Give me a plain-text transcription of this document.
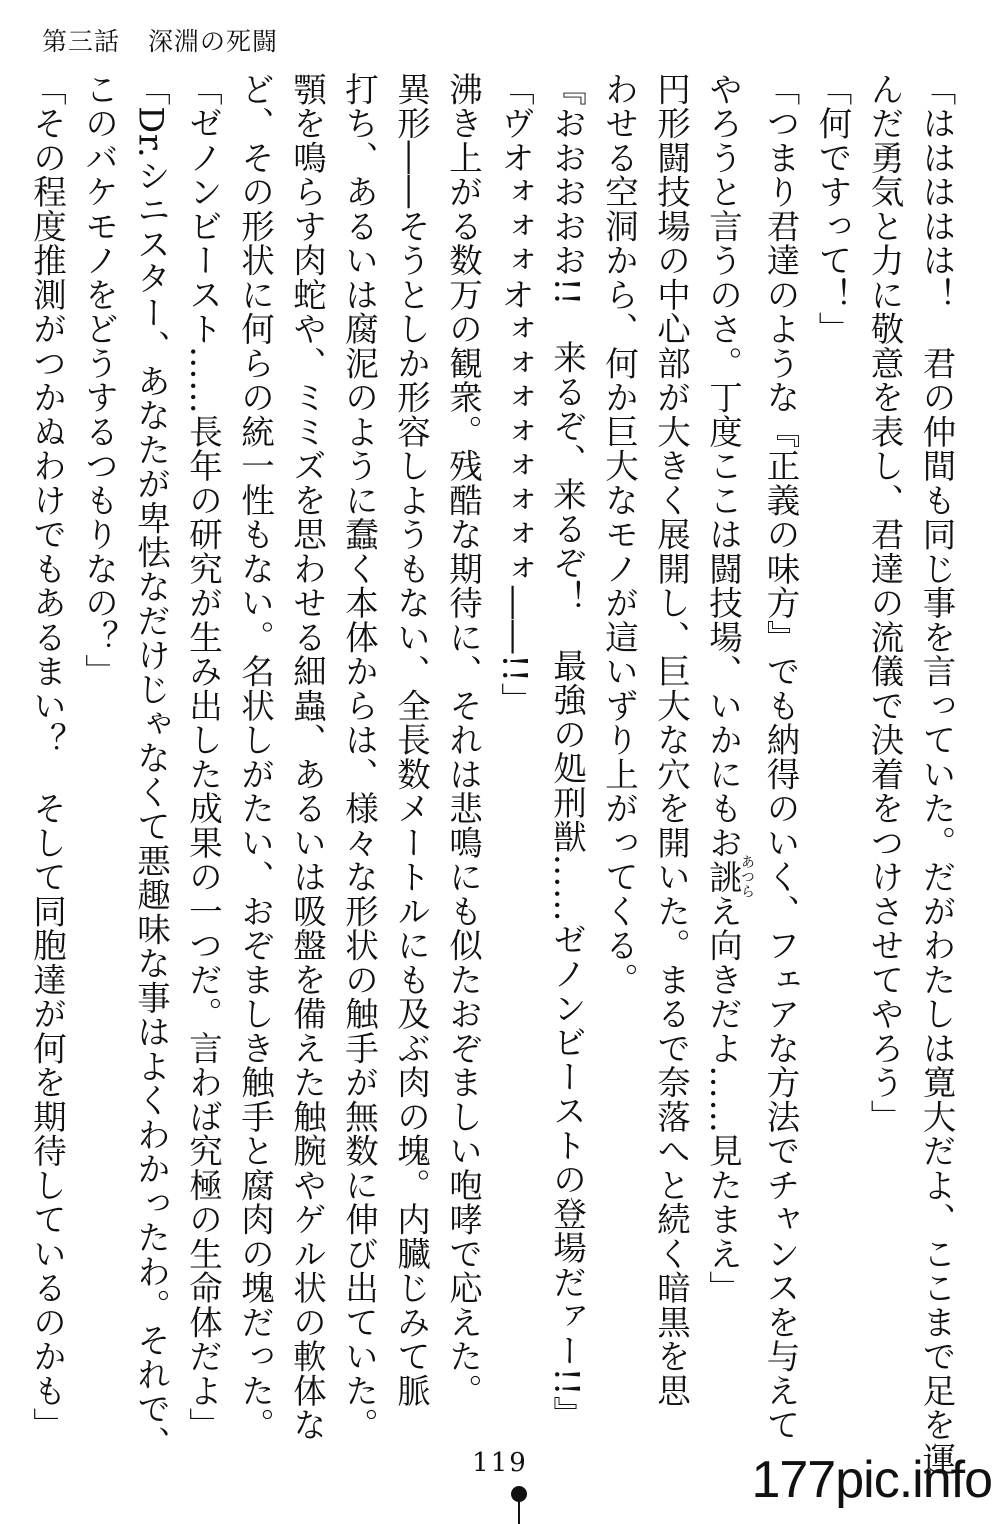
第三話 深淵の死闘

「ははははは！　君の仲間も同じ事を言っていた。だがわたしは寛大だよ、ここまで足を運

んだ勇気と力に敬意を表し、君達の流儀で決着をつけさせてやろう」

「何ですって！」

「つまり君達のような『正義の味方』でも納得のいく、フェアな方法でチャンスを与えて

やろうと言うのさ。丁度ここは闘技場、いかにもお誂あつらえ向きだよ……見たまえ」

円形闘技場の中心部が大きく展開し、巨大な穴を開いた。まるで奈落へと続く暗黒を思

わせる空洞から、何か巨大なモノが這いずり上がってくる。

『おおおおお!!　来るぞ、来るぞ！　最強の処刑獣……ゼノンビーストの登場だァー!!』

「ヴオォォォオォォォォォォォォ――!!」

沸き上がる数万の観衆。残酷な期待に、それは悲鳴にも似たおぞましい咆哮で応えた。

異形――そうとしか形容しようもない、全長数メートルにも及ぶ肉の塊。内臓じみて脈

打ち、あるいは腐泥のように蠢く本体からは、様々な形状の触手が無数に伸び出ていた。

顎を鳴らす肉蛇や、ミミズを思わせる細蟲、あるいは吸盤を備えた触腕やゲル状の軟体な

ど、その形状に何らの統一性もない。名状しがたい、おぞましき触手と腐肉の塊だった。

「ゼノンビースト……長年の研究が生み出した成果の一つだ。言わば究極の生命体だよ」

「Dr.シニスター、あなたが卑怯なだけじゃなくて悪趣味な事はよくわかったわ。それで、

このバケモノをどうするつもりなの？」

「その程度推測がつかぬわけでもあるまい？　そして同胞達が何を期待しているのかも」

119	177pic.info
